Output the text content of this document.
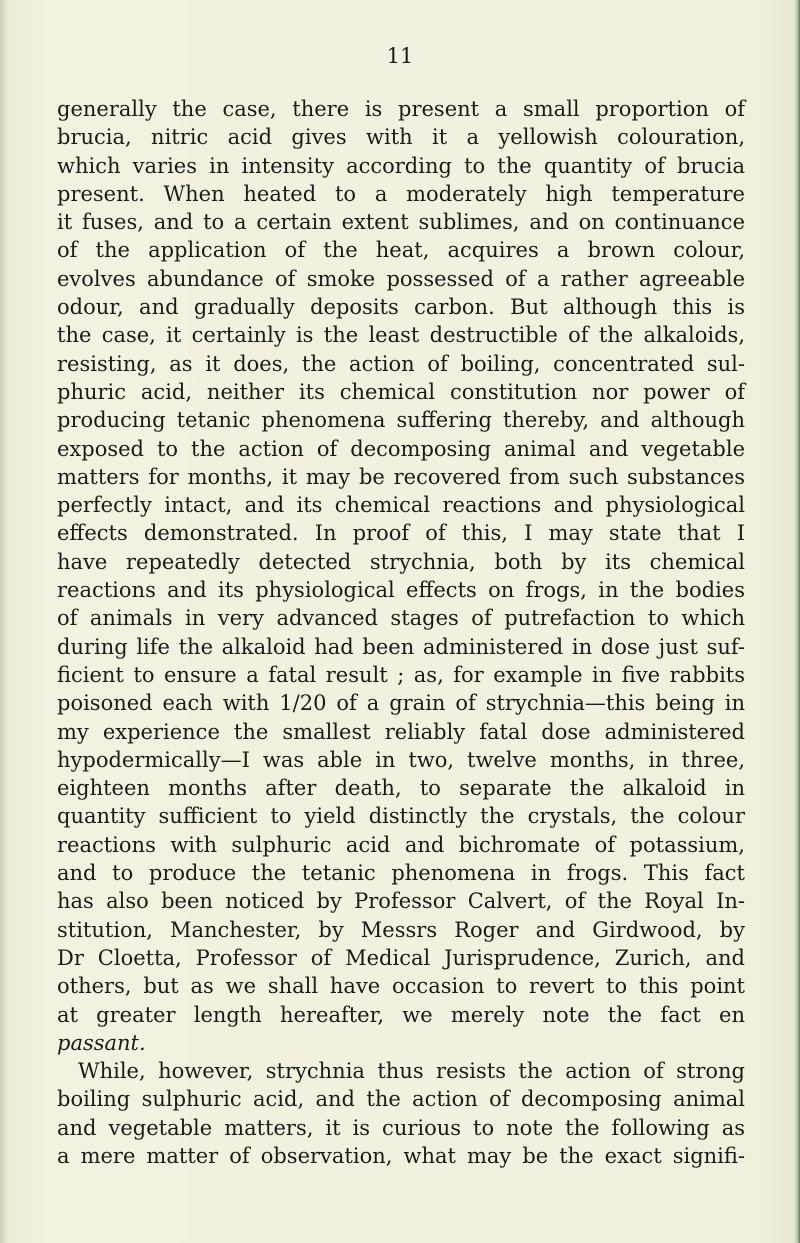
11
generally the case, there is present a small proportion of
brucia, nitric acid gives with it a yellowish colouration,
which varies in intensity according to the quantity of brucia
present. When heated to a moderately high temperature
it fuses, and to a certain extent sublimes, and on continuance
of the application of the heat, acquires a brown colour,
evolves abundance of smoke possessed of a rather agreeable
odour, and gradually deposits carbon. But although this is
the case, it certainly is the least destructible of the alkaloids,
resisting, as it does, the action of boiling, concentrated sul-
phuric acid, neither its chemical constitution nor power of
producing tetanic phenomena suffering thereby, and although
exposed to the action of decomposing animal and vegetable
matters for months, it may be recovered from such substances
perfectly intact, and its chemical reactions and physiological
effects demonstrated. In proof of this, I may state that I
have repeatedly detected strychnia, both by its chemical
reactions and its physiological effects on frogs, in the bodies
of animals in very advanced stages of putrefaction to which
during life the alkaloid had been administered in dose just suf-
ficient to ensure a fatal result ; as, for example in five rabbits
poisoned each with 1/20 of a grain of strychnia—this being in
my experience the smallest reliably fatal dose administered
hypodermically—I was able in two, twelve months, in three,
eighteen months after death, to separate the alkaloid in
quantity sufficient to yield distinctly the crystals, the colour
reactions with sulphuric acid and bichromate of potassium,
and to produce the tetanic phenomena in frogs. This fact
has also been noticed by Professor Calvert, of the Royal In-
stitution, Manchester, by Messrs Roger and Girdwood, by
Dr Cloetta, Professor of Medical Jurisprudence, Zurich, and
others, but as we shall have occasion to revert to this point
at greater length hereafter, we merely note the fact en
passant.
While, however, strychnia thus resists the action of strong
boiling sulphuric acid, and the action of decomposing animal
and vegetable matters, it is curious to note the following as
a mere matter of observation, what may be the exact signifi-
